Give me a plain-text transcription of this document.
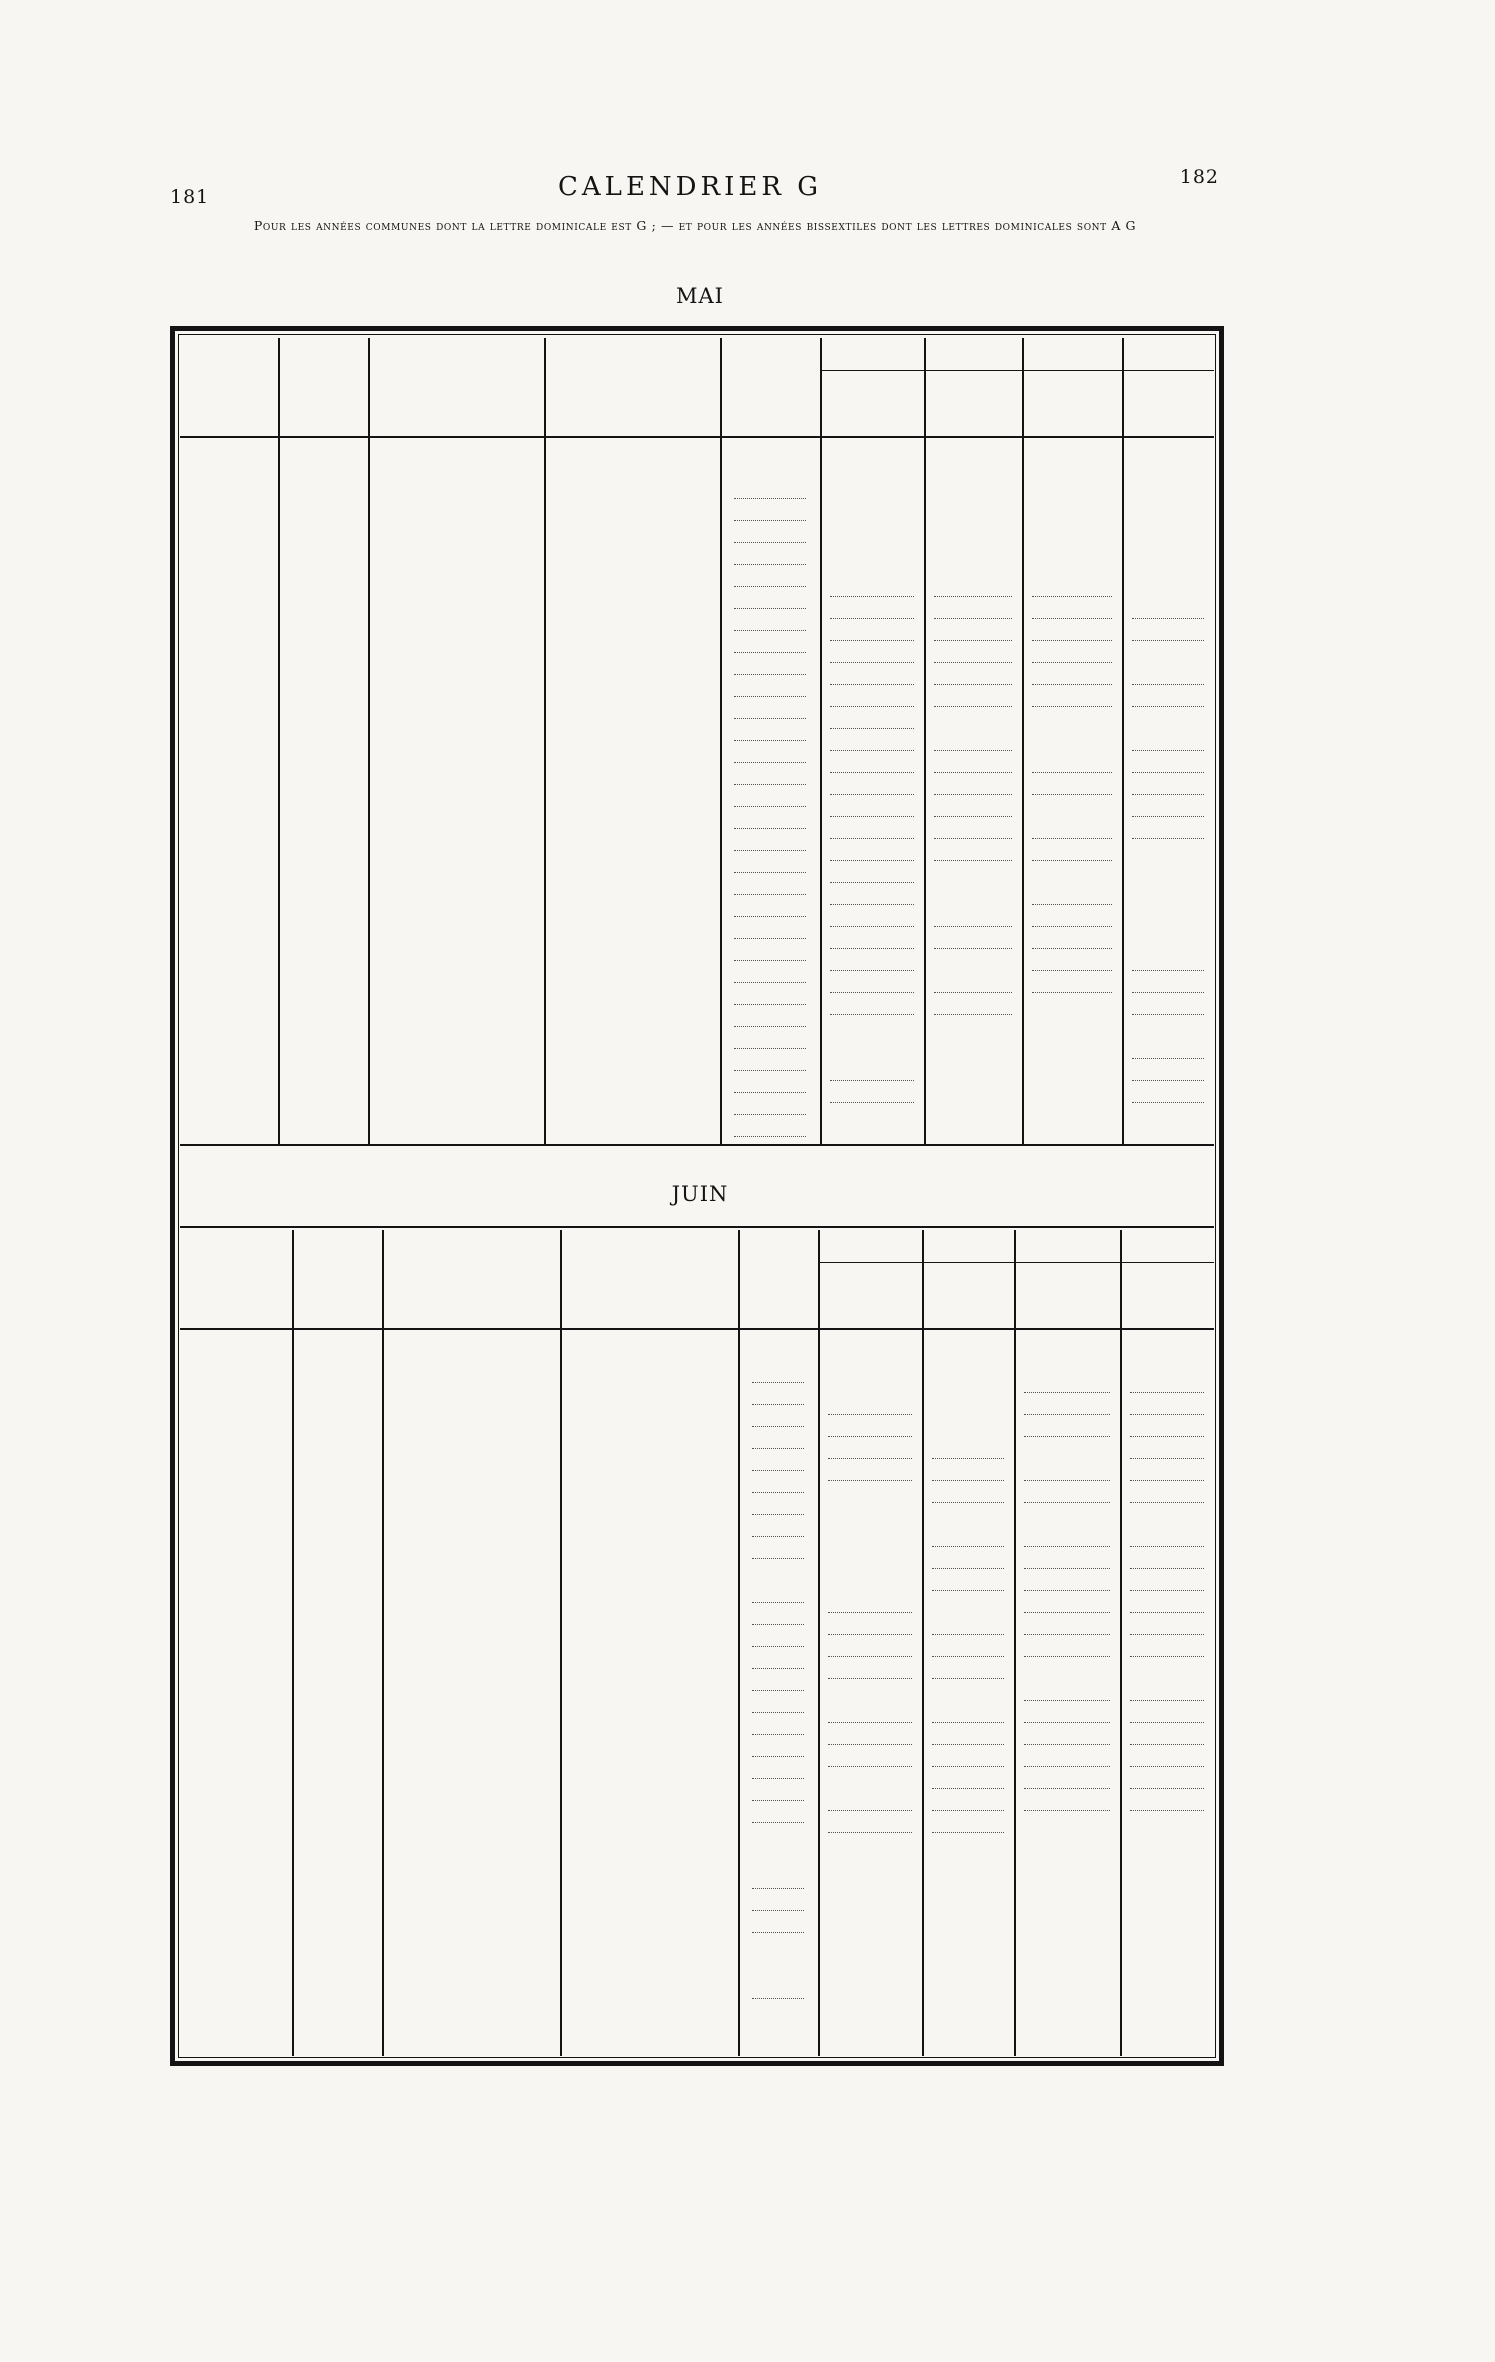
181
182
CALENDRIER G
Pour les années communes dont la lettre dominicale est G ; — et pour les années bissextiles dont les lettres dominicales sont A G
MAI
JUIN
